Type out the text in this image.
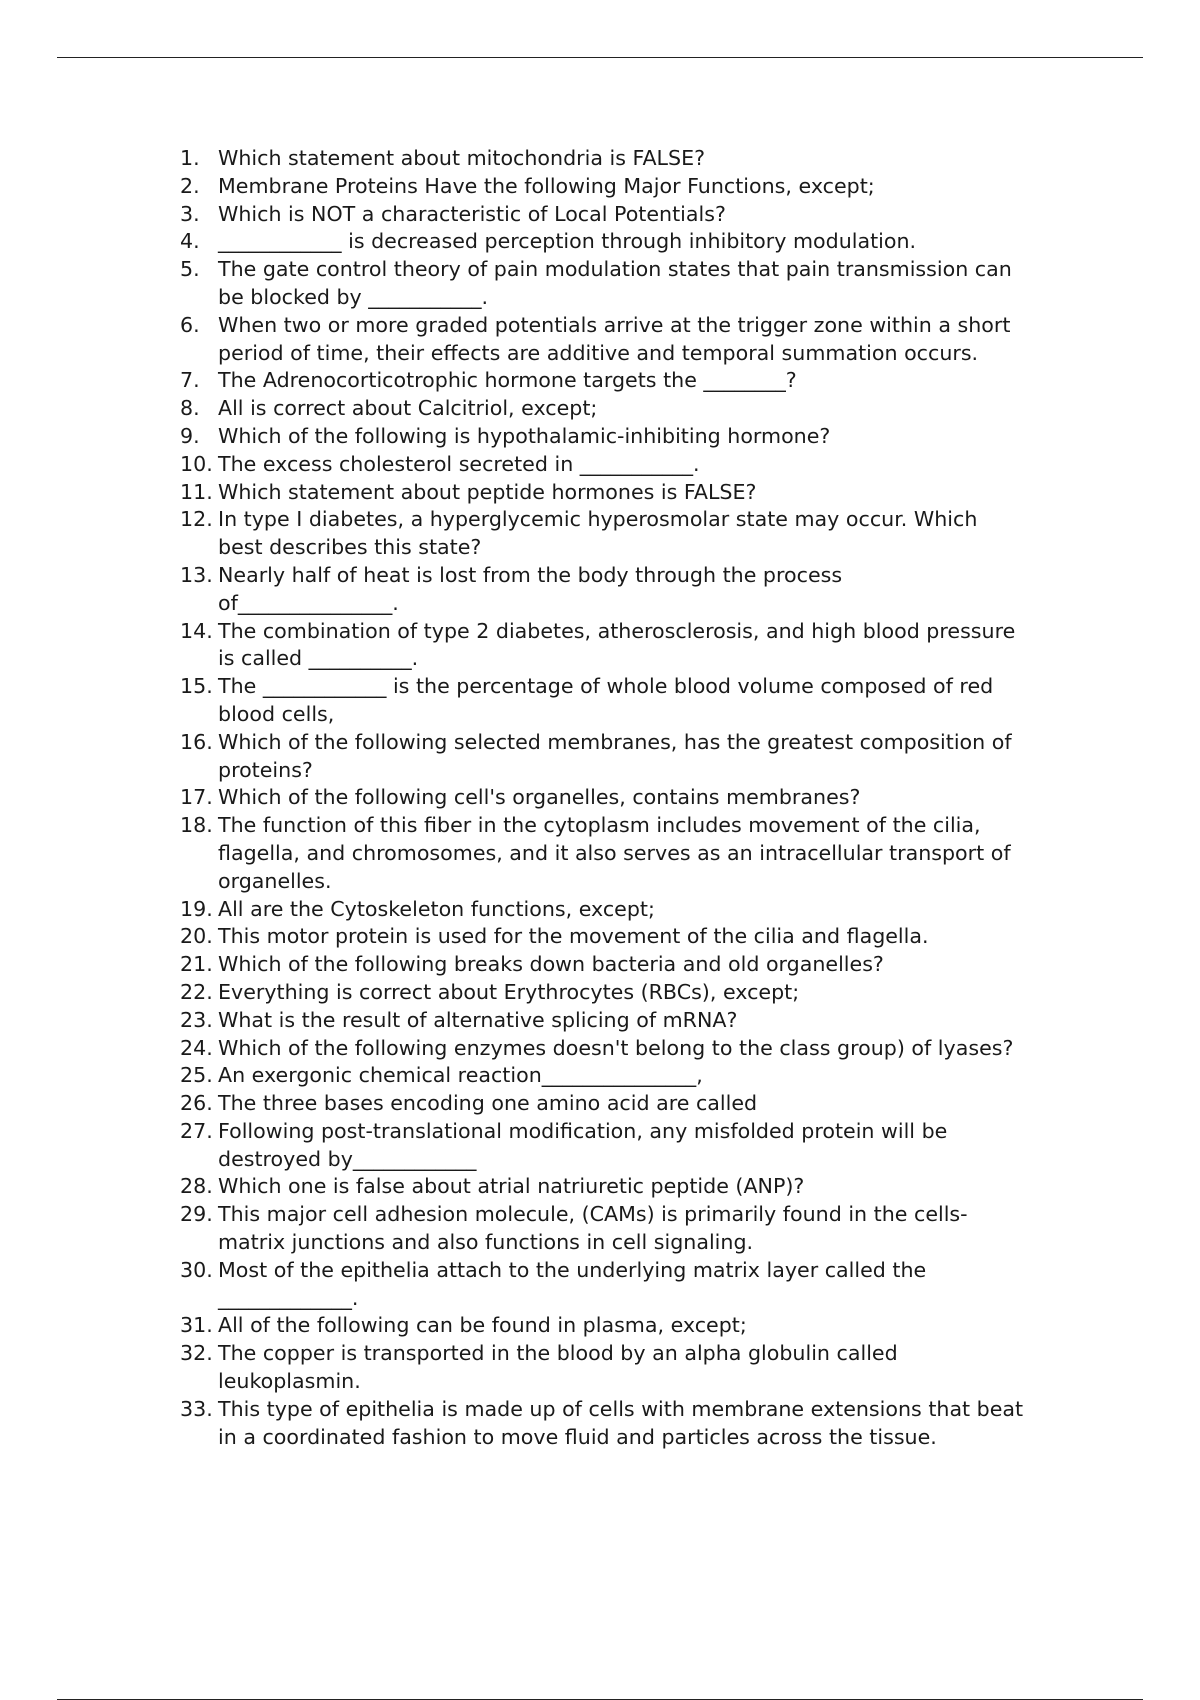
1. Which statement about mitochondria is FALSE?
2. Membrane Proteins Have the following Major Functions, except;
3. Which is NOT a characteristic of Local Potentials?
4. ____________ is decreased perception through inhibitory modulation.
5. The gate control theory of pain modulation states that pain transmission can
be blocked by ___________.
6. When two or more graded potentials arrive at the trigger zone within a short
period of time, their effects are additive and temporal summation occurs.
7. The Adrenocorticotrophic hormone targets the ________?
8. All is correct about Calcitriol, except;
9. Which of the following is hypothalamic-inhibiting hormone?
10. The excess cholesterol secreted in ___________.
11. Which statement about peptide hormones is FALSE?
12. In type I diabetes, a hyperglycemic hyperosmolar state may occur. Which
best describes this state?
13. Nearly half of heat is lost from the body through the process
of_______________.
14. The combination of type 2 diabetes, atherosclerosis, and high blood pressure
is called __________.
15. The ____________ is the percentage of whole blood volume composed of red
blood cells,
16. Which of the following selected membranes, has the greatest composition of
proteins?
17. Which of the following cell's organelles, contains membranes?
18. The function of this fiber in the cytoplasm includes movement of the cilia,
flagella, and chromosomes, and it also serves as an intracellular transport of
organelles.
19. All are the Cytoskeleton functions, except;
20. This motor protein is used for the movement of the cilia and flagella.
21. Which of the following breaks down bacteria and old organelles?
22. Everything is correct about Erythrocytes (RBCs), except;
23. What is the result of alternative splicing of mRNA?
24. Which of the following enzymes doesn't belong to the class group) of lyases?
25. An exergonic chemical reaction_______________,
26. The three bases encoding one amino acid are called
27. Following post-translational modification, any misfolded protein will be
destroyed by____________
28. Which one is false about atrial natriuretic peptide (ANP)?
29. This major cell adhesion molecule, (CAMs) is primarily found in the cells-
matrix junctions and also functions in cell signaling.
30. Most of the epithelia attach to the underlying matrix layer called the
_____________.
31. All of the following can be found in plasma, except;
32. The copper is transported in the blood by an alpha globulin called
leukoplasmin.
33. This type of epithelia is made up of cells with membrane extensions that beat
in a coordinated fashion to move fluid and particles across the tissue.
